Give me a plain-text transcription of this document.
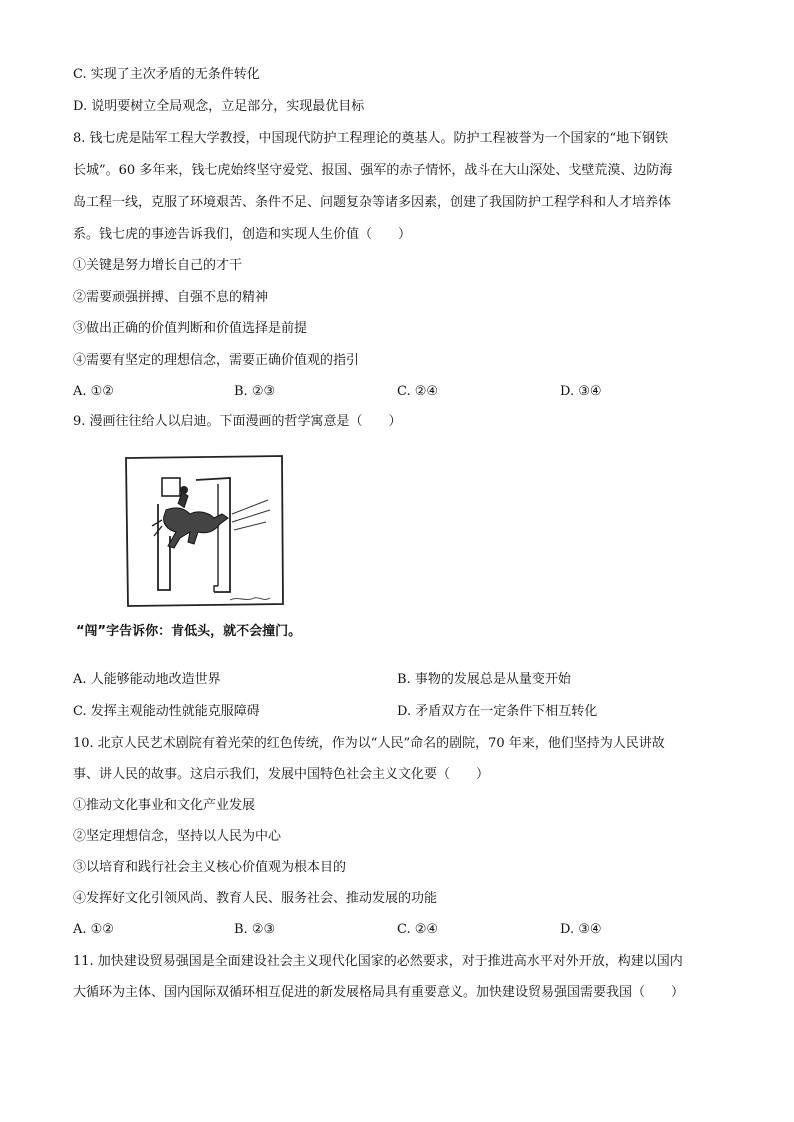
C. 实现了主次矛盾的无条件转化
D. 说明要树立全局观念，立足部分，实现最优目标
8. 钱七虎是陆军工程大学教授，中国现代防护工程理论的奠基人。防护工程被誉为一个国家的“地下钢铁
长城”。60 多年来，钱七虎始终坚守爱党、报国、强军的赤子情怀，战斗在大山深处、戈壁荒漠、边防海
岛工程一线，克服了环境艰苦、条件不足、问题复杂等诸多因素，创建了我国防护工程学科和人才培养体
系。钱七虎的事迹告诉我们，创造和实现人生价值（　　）
①关键是努力增长自己的才干
②需要顽强拼搏、自强不息的精神
③做出正确的价值判断和价值选择是前提
④需要有坚定的理想信念，需要正确价值观的指引
A. ①②	B. ②③	C. ②④	D. ③④
9. 漫画往往给人以启迪。下面漫画的哲学寓意是（　　）
“闯”字告诉你：肯低头，就不会撞门。
A. 人能够能动地改造世界	B. 事物的发展总是从量变开始
C. 发挥主观能动性就能克服障碍	D. 矛盾双方在一定条件下相互转化
10. 北京人民艺术剧院有着光荣的红色传统，作为以“人民”命名的剧院，70 年来，他们坚持为人民讲故
事、讲人民的故事。这启示我们，发展中国特色社会主义文化要（　　）
①推动文化事业和文化产业发展
②坚定理想信念，坚持以人民为中心
③以培育和践行社会主义核心价值观为根本目的
④发挥好文化引领风尚、教育人民、服务社会、推动发展的功能
A. ①②	B. ②③	C. ②④	D. ③④
11. 加快建设贸易强国是全面建设社会主义现代化国家的必然要求，对于推进高水平对外开放，构建以国内
大循环为主体、国内国际双循环相互促进的新发展格局具有重要意义。加快建设贸易强国需要我国（　　）
